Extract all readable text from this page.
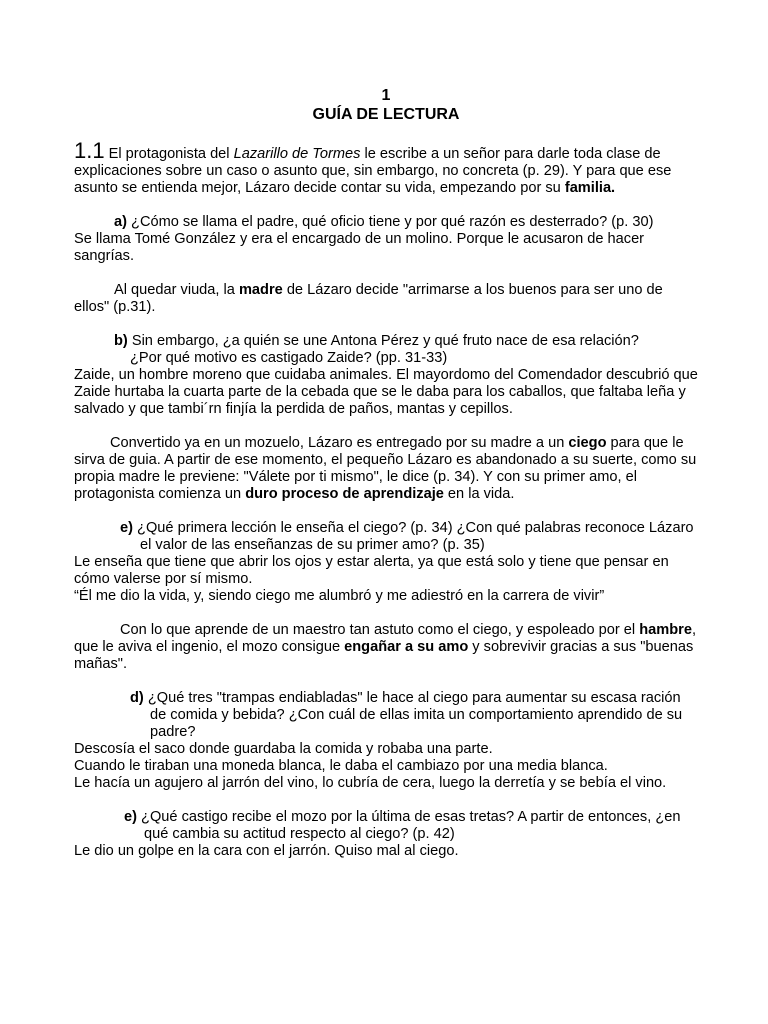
1

GUÍA DE LECTURA

1.1 El protagonista del Lazarillo de Tormes le escribe a un señor para darle toda clase de explicaciones sobre un caso o asunto que, sin embargo, no concreta (p. 29). Y para que ese asunto se entienda mejor, Lázaro decide contar su vida, empezando por su familia.

a) ¿Cómo se llama el padre, qué oficio tiene y por qué razón es desterrado? (p. 30)

Se llama Tomé González y era el encargado de un molino. Porque le acusaron de hacer sangrías.

Al quedar viuda, la madre de Lázaro decide "arrimarse a los buenos para ser uno de ellos" (p.31).

b) Sin embargo, ¿a quién se une Antona Pérez y qué fruto nace de esa relación?

¿Por qué motivo es castigado Zaide? (pp. 31-33)

Zaide, un hombre moreno que cuidaba animales. El mayordomo del Comendador descubrió que Zaide hurtaba la cuarta parte de la cebada que se le daba para los caballos, que faltaba leña y salvado y que tambi´rn finjía la perdida de paños, mantas y cepillos.

Convertido ya en un mozuelo, Lázaro es entregado por su madre a un ciego para que le sirva de guia. A partir de ese momento, el pequeño Lázaro es abandonado a su suerte, como su propia madre le previene: "Válete por ti mismo", le dice (p. 34). Y con su primer amo, el protagonista comienza un duro proceso de aprendizaje en la vida.

e) ¿Qué primera lección le enseña el ciego? (p. 34) ¿Con qué palabras reconoce Lázaro el valor de las enseñanzas de su primer amo? (p. 35)

Le enseña que tiene que abrir los ojos y estar alerta, ya que está solo y tiene que pensar en cómo valerse por sí mismo.

“Él me dio la vida, y, siendo ciego me alumbró y me adiestró en la carrera de vivir”

Con lo que aprende de un maestro tan astuto como el ciego, y espoleado por el hambre, que le aviva el ingenio, el mozo consigue engañar a su amo y sobrevivir gracias a sus "buenas mañas".

d) ¿Qué tres "trampas endiabladas" le hace al ciego para aumentar su escasa ración de comida y bebida? ¿Con cuál de ellas imita un comportamiento aprendido de su padre?

Descosía el saco donde guardaba la comida y robaba una parte.

Cuando le tiraban una moneda blanca, le daba el cambiazo por una media blanca.

Le hacía un agujero al jarrón del vino, lo cubría de cera, luego la derretía y se bebía el vino.

e) ¿Qué castigo recibe el mozo por la última de esas tretas? A partir de entonces, ¿en qué cambia su actitud respecto al ciego? (p. 42)

Le dio un golpe en la cara con el jarrón. Quiso mal al ciego.
